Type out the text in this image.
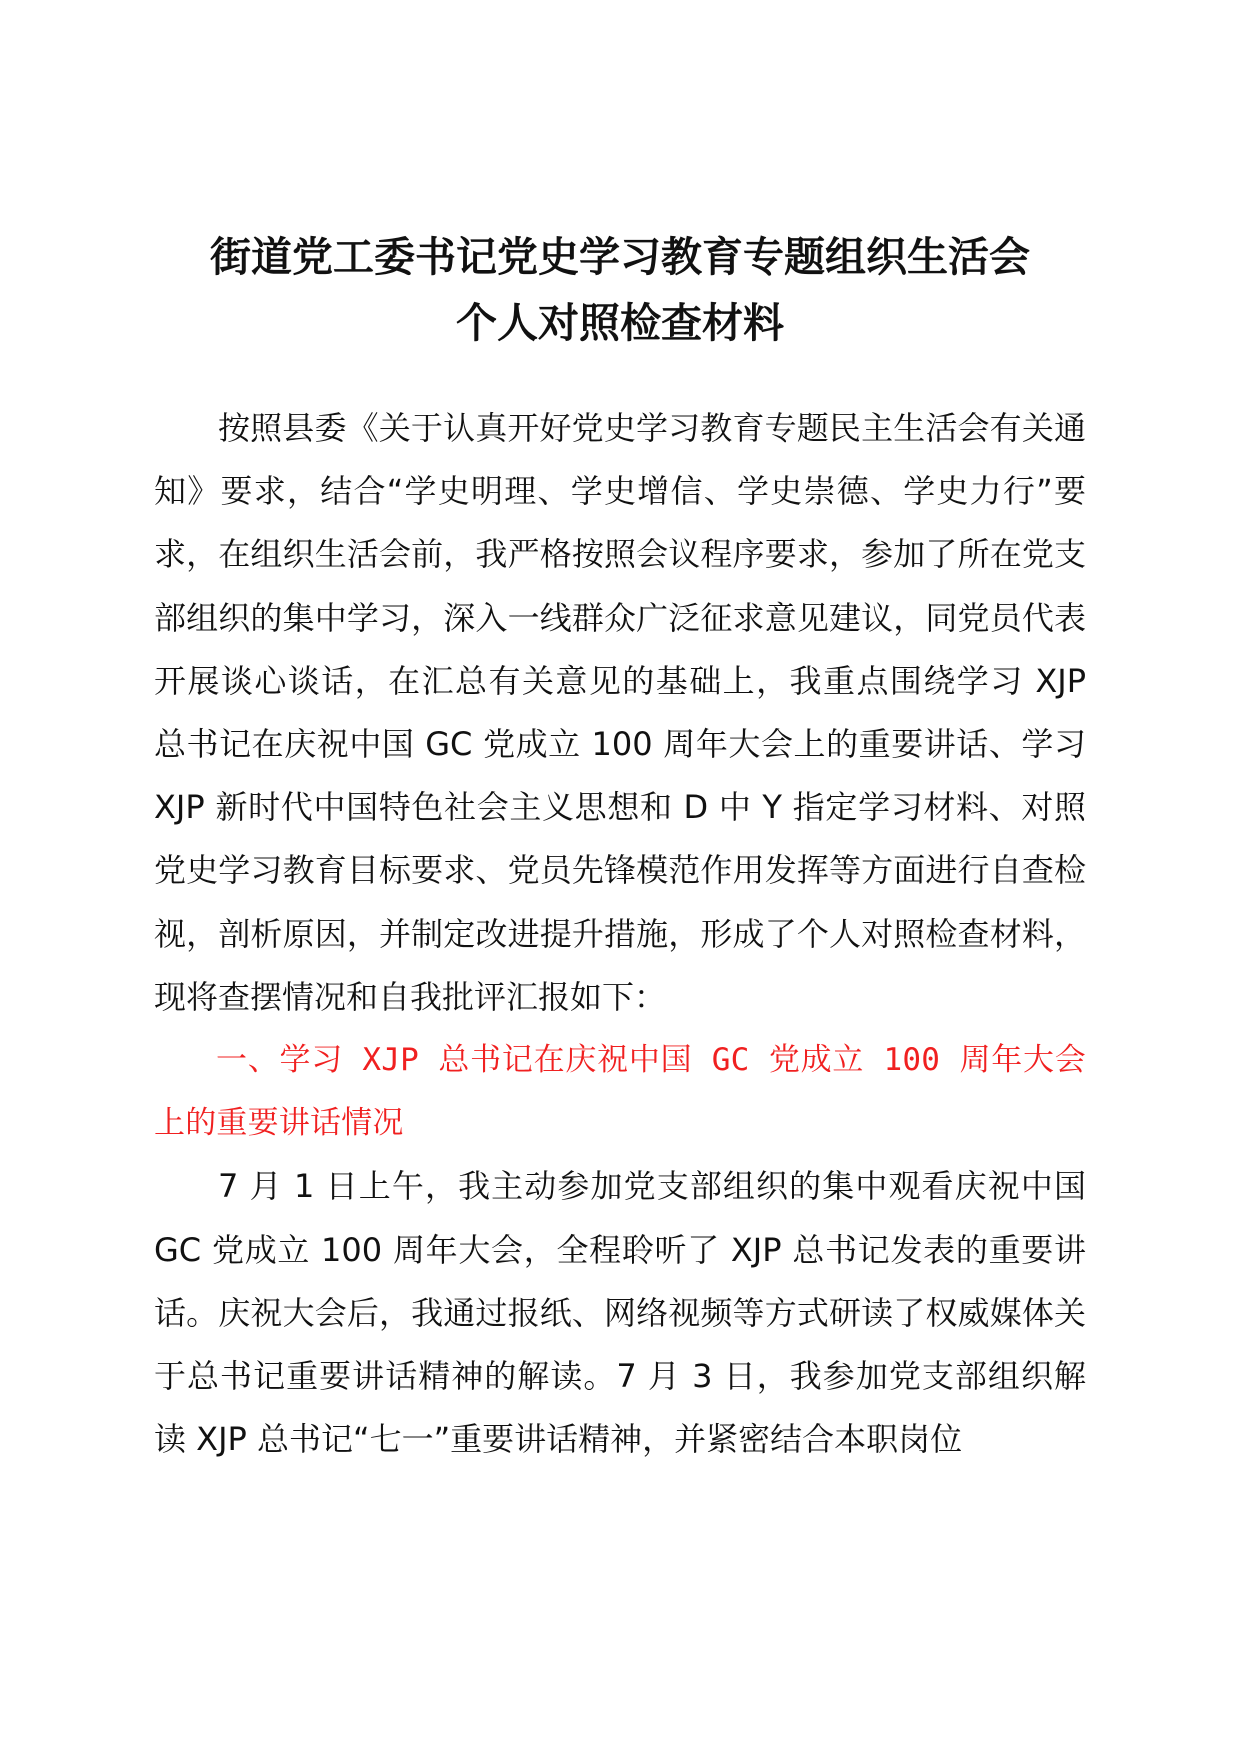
街道党工委书记党史学习教育专题组织生活会
个人对照检查材料

按照县委《关于认真开好党史学习教育专题民主生活会有关通知》要求，结合“学史明理、学史增信、学史崇德、学史力行”要求，在组织生活会前，我严格按照会议程序要求，参加了所在党支部组织的集中学习，深入一线群众广泛征求意见建议，同党员代表开展谈心谈话，在汇总有关意见的基础上，我重点围绕学习 XJP 总书记在庆祝中国 GC 党成立 100 周年大会上的重要讲话、学习 XJP 新时代中国特色社会主义思想和 D 中 Y 指定学习材料、对照党史学习教育目标要求、党员先锋模范作用发挥等方面进行自查检视，剖析原因，并制定改进提升措施，形成了个人对照检查材料，现将查摆情况和自我批评汇报如下：

一、学习 XJP 总书记在庆祝中国 GC 党成立 100 周年大会上的重要讲话情况

7 月 1 日上午，我主动参加党支部组织的集中观看庆祝中国 GC 党成立 100 周年大会，全程聆听了 XJP 总书记发表的重要讲话。庆祝大会后，我通过报纸、网络视频等方式研读了权威媒体关于总书记重要讲话精神的解读。7 月 3 日，我参加党支部组织解读 XJP 总书记“七一”重要讲话精神，并紧密结合本职岗位
